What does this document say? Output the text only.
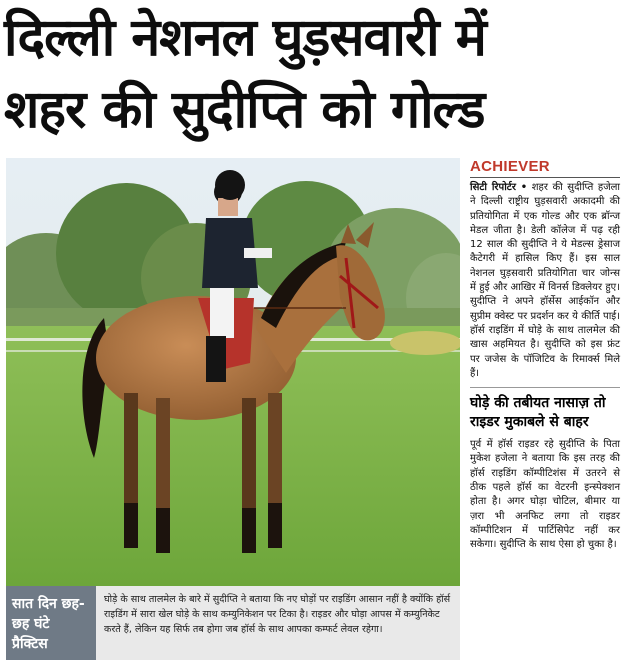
दिल्ली नेशनल घुड़सवारी में
शहर की सुदीप्ति को गोल्ड
सात दिन छह-छह घंटे प्रैक्टिस
घोड़े के साथ तालमेल के बारे में सुदीप्ति ने बताया कि नए घोड़ों पर राइडिंग आसान नहीं है क्योंकि हॉर्स राइडिंग में सारा खेल घोड़े के साथ कम्युनिकेशन पर टिका है। राइडर और घोड़ा आपस में कम्युनिकेट करते हैं, लेकिन यह सिर्फ तब होगा जब हॉर्स के साथ आपका कम्फर्ट लेवल रहेगा।
ACHIEVER

सिटी रिपोर्टर • शहर की सुदीप्ति हजेला ने दिल्ली राष्ट्रीय घुड़सवारी अकादमी की प्रतियोगिता में एक गोल्ड और एक ब्रॉन्ज मेडल जीता है। डेली कॉलेज में पढ़ रही 12 साल की सुदीप्ति ने ये मेडल्स ड्रेसाज कैटेगरी में हासिल किए हैं। इस साल नेशनल घुड़सवारी प्रतियोगिता चार जोन्स में हुई और आखिर में विनर्स डिक्लेयर हुए। सुदीप्ति ने अपने हॉर्सेस आईकॉन और सुप्रीम क्वेस्ट पर प्रदर्शन कर ये कीर्ति पाई। हॉर्स राइडिंग में घोड़े के साथ तालमेल की खास अहमियत है। सुदीप्ति को इस फ्रंट पर जजेस के पॉजिटिव के रिमार्क्स मिले हैं।

घोड़े की तबीयत नासाज़ तो राइडर मुकाबले से बाहर

पूर्व में हॉर्स राइडर रहे सुदीप्ति के पिता मुकेश हजेला ने बताया कि इस तरह की हॉर्स राइडिंग कॉम्पीटिशंस में उतरने से ठीक पहले हॉर्स का वेटरनी इन्स्पेक्शन होता है। अगर घोड़ा चोटिल, बीमार या ज़रा भी अनफिट लगा तो राइडर कॉम्पीटिशन में पार्टिसिपेट नहीं कर सकेगा। सुदीप्ति के साथ ऐसा हो चुका है।
